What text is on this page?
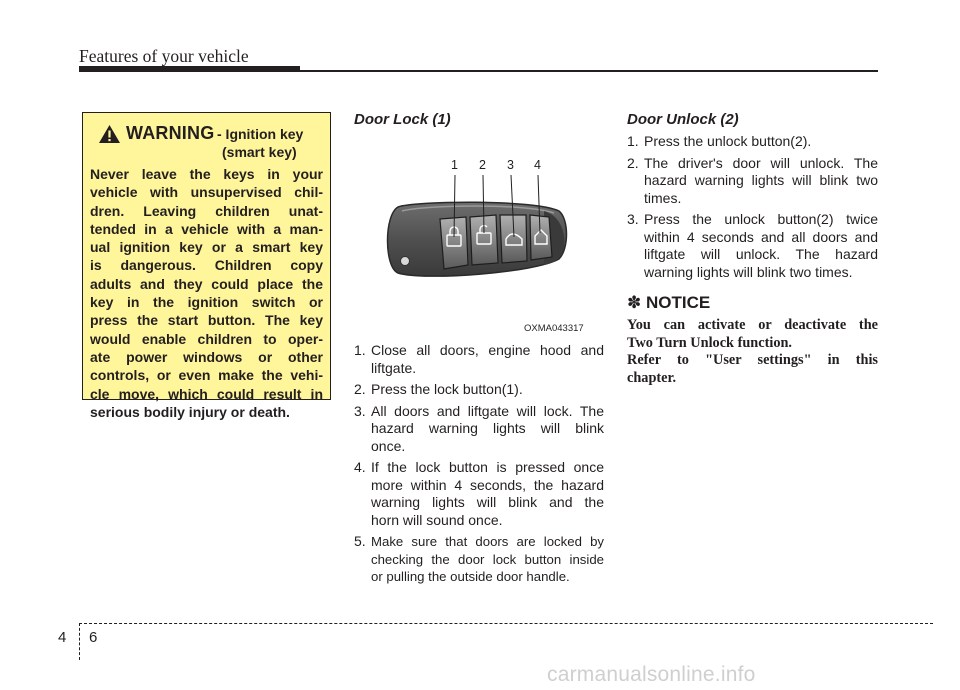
Features of your vehicle
WARNING - Ignition key
(smart key)
Never leave the keys in your
vehicle with unsupervised chil-
dren. Leaving children unat-
tended in a vehicle with a man-
ual ignition key or a smart key
is dangerous. Children copy
adults and they could place the
key in the ignition switch or
press the start button. The key
would enable children to oper-
ate power windows or other
controls, or even make the vehi-
cle move, which could result in
serious bodily injury or death.
Door Lock (1)
1 2 3 4
OXMA043317
1. Close all doors, engine hood and
liftgate.
2. Press the lock button(1).
3. All doors and liftgate will lock. The
hazard warning lights will blink
once.
4. If the lock button is pressed once
more within 4 seconds, the hazard
warning lights will blink and the
horn will sound once.
5. Make sure that doors are locked by
checking the door lock button inside
or pulling the outside door handle.
Door Unlock (2)
1. Press the unlock button(2).
2. The driver's door will unlock. The
hazard warning lights will blink two
times.
3. Press the unlock button(2) twice
within 4 seconds and all doors and
liftgate will unlock. The hazard
warning lights will blink two times.
✽ NOTICE
You can activate or deactivate the
Two Turn Unlock function.
Refer to "User settings" in this
chapter.
4 6
carmanualsonline.info
